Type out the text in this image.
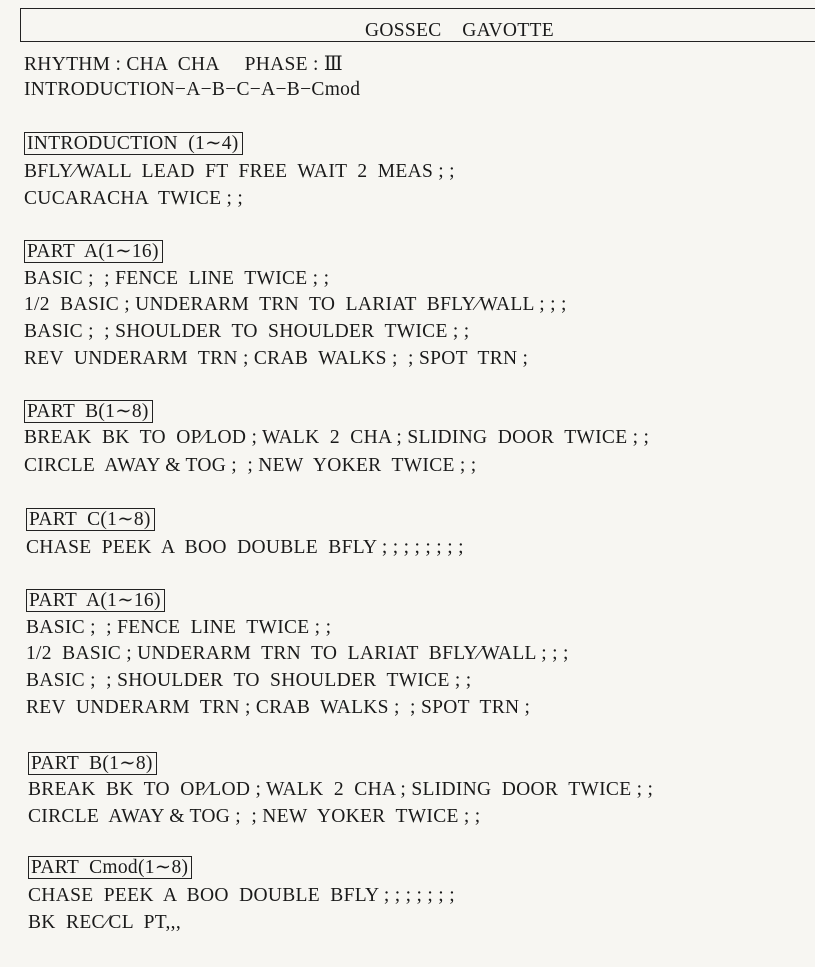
GOSSEC    GAVOTTE
RHYTHM : CHA  CHA     PHASE : Ⅲ
INTRODUCTION−A−B−C−A−B−Cmod
INTRODUCTION  (1∼4)
BFLY∕WALL  LEAD  FT  FREE  WAIT  2  MEAS ; ;
CUCARACHA  TWICE ; ;
PART  A(1∼16)
BASIC ;  ; FENCE  LINE  TWICE ; ;
1/2  BASIC ; UNDERARM  TRN  TO  LARIAT  BFLY∕WALL ; ; ;
BASIC ;  ; SHOULDER  TO  SHOULDER  TWICE ; ;
REV  UNDERARM  TRN ; CRAB  WALKS ;  ; SPOT  TRN ;
PART  B(1∼8)
BREAK  BK  TO  OP∕LOD ; WALK  2  CHA ; SLIDING  DOOR  TWICE ; ;
CIRCLE  AWAY & TOG ;  ; NEW  YOKER  TWICE ; ;
PART  C(1∼8)
CHASE  PEEK  A  BOO  DOUBLE  BFLY ; ; ; ; ; ; ; ;
PART  A(1∼16)
BASIC ;  ; FENCE  LINE  TWICE ; ;
1/2  BASIC ; UNDERARM  TRN  TO  LARIAT  BFLY∕WALL ; ; ;
BASIC ;  ; SHOULDER  TO  SHOULDER  TWICE ; ;
REV  UNDERARM  TRN ; CRAB  WALKS ;  ; SPOT  TRN ;
PART  B(1∼8)
BREAK  BK  TO  OP∕LOD ; WALK  2  CHA ; SLIDING  DOOR  TWICE ; ;
CIRCLE  AWAY & TOG ;  ; NEW  YOKER  TWICE ; ;
PART  Cmod(1∼8)
CHASE  PEEK  A  BOO  DOUBLE  BFLY ; ; ; ; ; ; ;
BK  REC∕CL  PT,,,
